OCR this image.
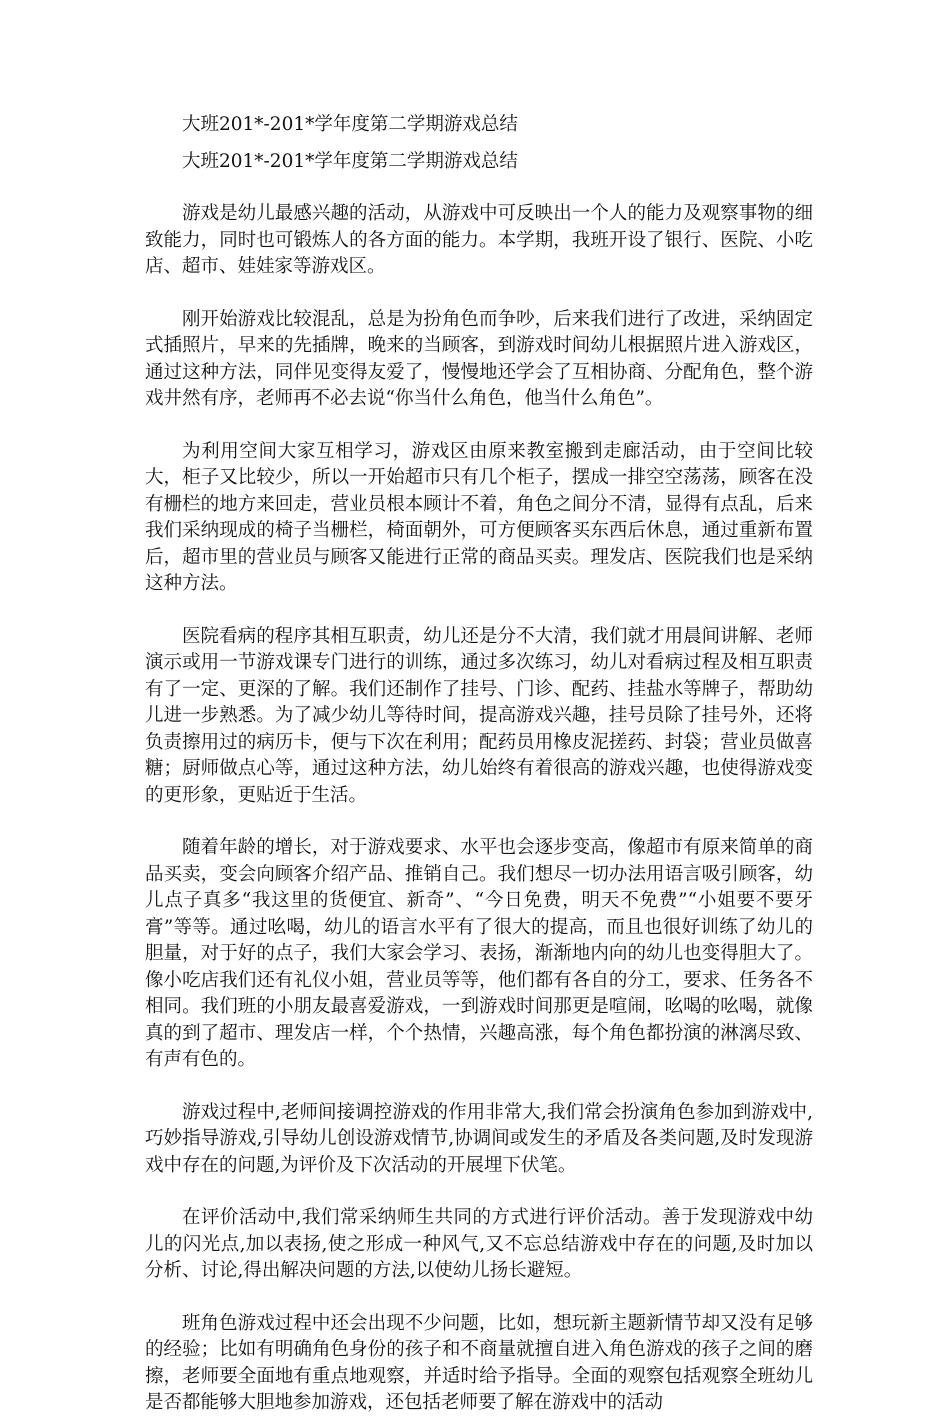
大班201*-201*学年度第二学期游戏总结

大班201*-201*学年度第二学期游戏总结

游戏是幼儿最感兴趣的活动，从游戏中可反映出一个人的能力及观察事物的细致能力，同时也可锻炼人的各方面的能力。本学期，我班开设了银行、医院、小吃店、超市、娃娃家等游戏区。

刚开始游戏比较混乱，总是为扮角色而争吵，后来我们进行了改进，采纳固定式插照片，早来的先插牌，晚来的当顾客，到游戏时间幼儿根据照片进入游戏区，通过这种方法，同伴见变得友爱了，慢慢地还学会了互相协商、分配角色，整个游戏井然有序，老师再不必去说“你当什么角色，他当什么角色”。

为利用空间大家互相学习，游戏区由原来教室搬到走廊活动，由于空间比较大，柜子又比较少，所以一开始超市只有几个柜子，摆成一排空空荡荡，顾客在没有栅栏的地方来回走，营业员根本顾计不着，角色之间分不清，显得有点乱，后来我们采纳现成的椅子当栅栏，椅面朝外，可方便顾客买东西后休息，通过重新布置后，超市里的营业员与顾客又能进行正常的商品买卖。理发店、医院我们也是采纳这种方法。

医院看病的程序其相互职责，幼儿还是分不大清，我们就才用晨间讲解、老师演示或用一节游戏课专门进行的训练，通过多次练习，幼儿对看病过程及相互职责有了一定、更深的了解。我们还制作了挂号、门诊、配药、挂盐水等牌子，帮助幼儿进一步熟悉。为了减少幼儿等待时间，提高游戏兴趣，挂号员除了挂号外，还将负责擦用过的病历卡，便与下次在利用；配药员用橡皮泥搓药、封袋；营业员做喜糖；厨师做点心等，通过这种方法，幼儿始终有着很高的游戏兴趣，也使得游戏变的更形象，更贴近于生活。

随着年龄的增长，对于游戏要求、水平也会逐步变高，像超市有原来简单的商品买卖，变会向顾客介绍产品、推销自己。我们想尽一切办法用语言吸引顾客，幼儿点子真多“我这里的货便宜、新奇”、“今日免费，明天不免费”“小姐要不要牙膏”等等。通过吆喝，幼儿的语言水平有了很大的提高，而且也很好训练了幼儿的胆量，对于好的点子，我们大家会学习、表扬，渐渐地内向的幼儿也变得胆大了。像小吃店我们还有礼仪小姐，营业员等等，他们都有各自的分工，要求、任务各不相同。我们班的小朋友最喜爱游戏，一到游戏时间那更是喧闹，吆喝的吆喝，就像真的到了超市、理发店一样，个个热情，兴趣高涨，每个角色都扮演的淋漓尽致、有声有色的。

游戏过程中,老师间接调控游戏的作用非常大,我们常会扮演角色参加到游戏中,巧妙指导游戏,引导幼儿创设游戏情节,协调间或发生的矛盾及各类问题,及时发现游戏中存在的问题,为评价及下次活动的开展埋下伏笔。

在评价活动中,我们常采纳师生共同的方式进行评价活动。善于发现游戏中幼儿的闪光点,加以表扬,使之形成一种风气,又不忘总结游戏中存在的问题,及时加以分析、讨论,得出解决问题的方法,以使幼儿扬长避短。

班角色游戏过程中还会出现不少问题，比如，想玩新主题新情节却又没有足够的经验；比如有明确角色身份的孩子和不商量就擅自进入角色游戏的孩子之间的磨擦，老师要全面地有重点地观察，并适时给予指导。全面的观察包括观察全班幼儿是否都能够大胆地参加游戏，还包括老师要了解在游戏中的活动
